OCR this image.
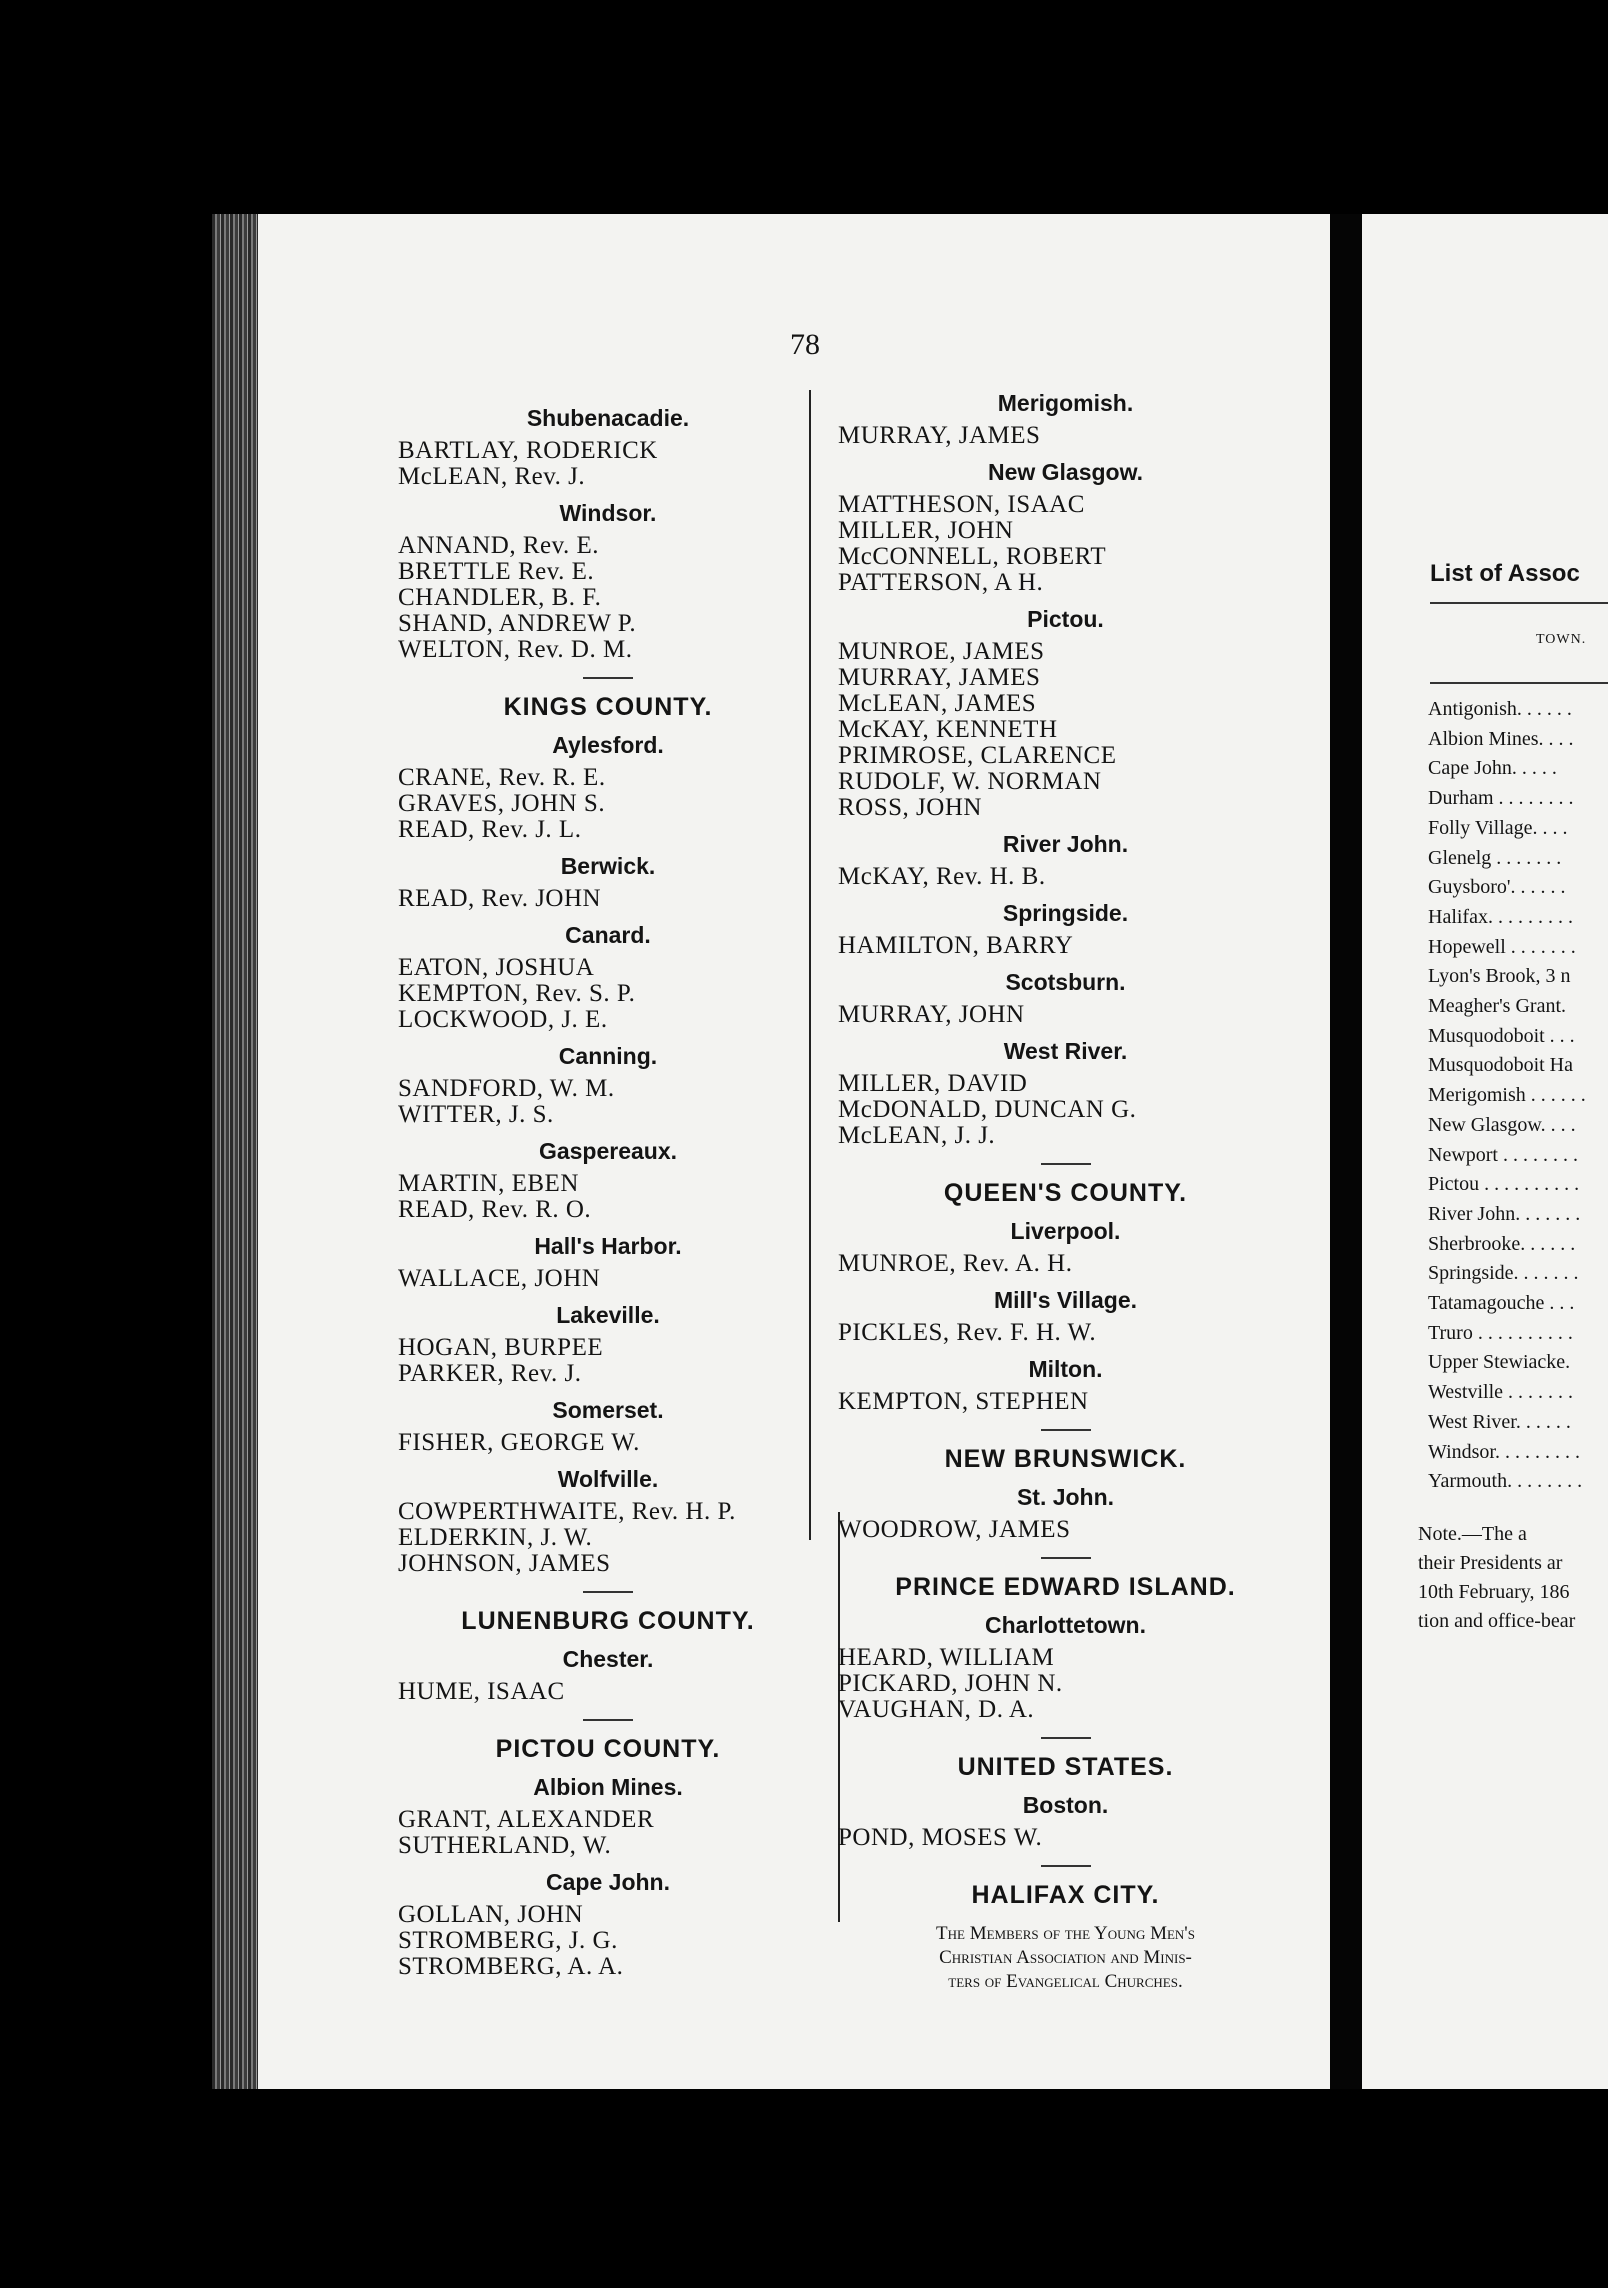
78
Shubenacadie.
BARTLAY, RODERICK
McLEAN, Rev. J.
Windsor.
ANNAND, Rev. E.
BRETTLE Rev. E.
CHANDLER, B. F.
SHAND, ANDREW P.
WELTON, Rev. D. M.
KINGS COUNTY.
Aylesford.
CRANE, Rev. R. E.
GRAVES, JOHN S.
READ, Rev. J. L.
Berwick.
READ, Rev. JOHN
Canard.
EATON, JOSHUA
KEMPTON, Rev. S. P.
LOCKWOOD, J. E.
Canning.
SANDFORD, W. M.
WITTER, J. S.
Gaspereaux.
MARTIN, EBEN
READ, Rev. R. O.
Hall's Harbor.
WALLACE, JOHN
Lakeville.
HOGAN, BURPEE
PARKER, Rev. J.
Somerset.
FISHER, GEORGE W.
Wolfville.
COWPERTHWAITE, Rev. H. P.
ELDERKIN, J. W.
JOHNSON, JAMES
LUNENBURG COUNTY.
Chester.
HUME, ISAAC
PICTOU COUNTY.
Albion Mines.
GRANT, ALEXANDER
SUTHERLAND, W.
Cape John.
GOLLAN, JOHN
STROMBERG, J. G.
STROMBERG, A. A.
Merigomish.
MURRAY, JAMES
New Glasgow.
MATTHESON, ISAAC
MILLER, JOHN
McCONNELL, ROBERT
PATTERSON, A H.
Pictou.
MUNROE, JAMES
MURRAY, JAMES
McLEAN, JAMES
McKAY, KENNETH
PRIMROSE, CLARENCE
RUDOLF, W. NORMAN
ROSS, JOHN
River John.
McKAY, Rev. H. B.
Springside.
HAMILTON, BARRY
Scotsburn.
MURRAY, JOHN
West River.
MILLER, DAVID
McDONALD, DUNCAN G.
McLEAN, J. J.
QUEEN'S COUNTY.
Liverpool.
MUNROE, Rev. A. H.
Mill's Village.
PICKLES, Rev. F. H. W.
Milton.
KEMPTON, STEPHEN
NEW BRUNSWICK.
St. John.
WOODROW, JAMES
PRINCE EDWARD ISLAND.
Charlottetown.
HEARD, WILLIAM
PICKARD, JOHN N.
VAUGHAN, D. A.
UNITED STATES.
Boston.
POND, MOSES W.
HALIFAX CITY.
The Members of the Young Men's
Christian Association and Minis-
ters of Evangelical Churches.
List of Assoc
TOWN.
Antigonish. . . . . .
Albion Mines. . . .
Cape John. . . . .
Durham . . . . . . . .
Folly Village. . . .
Glenelg . . . . . . .
Guysboro'. . . . . .
Halifax. . . . . . . . .
Hopewell . . . . . . .
Lyon's Brook, 3 n
Meagher's Grant.
Musquodoboit . . .
Musquodoboit Ha
Merigomish . . . . . .
New Glasgow. . . .
Newport . . . . . . . .
Pictou . . . . . . . . . .
River John. . . . . . .
Sherbrooke. . . . . .
Springside. . . . . . .
Tatamagouche . . .
Truro . . . . . . . . . .
Upper Stewiacke.
Westville . . . . . . .
West River. . . . . .
Windsor. . . . . . . . .
Yarmouth. . . . . . . .
Note.—The a
their Presidents ar
10th February, 186
tion and office-bear
